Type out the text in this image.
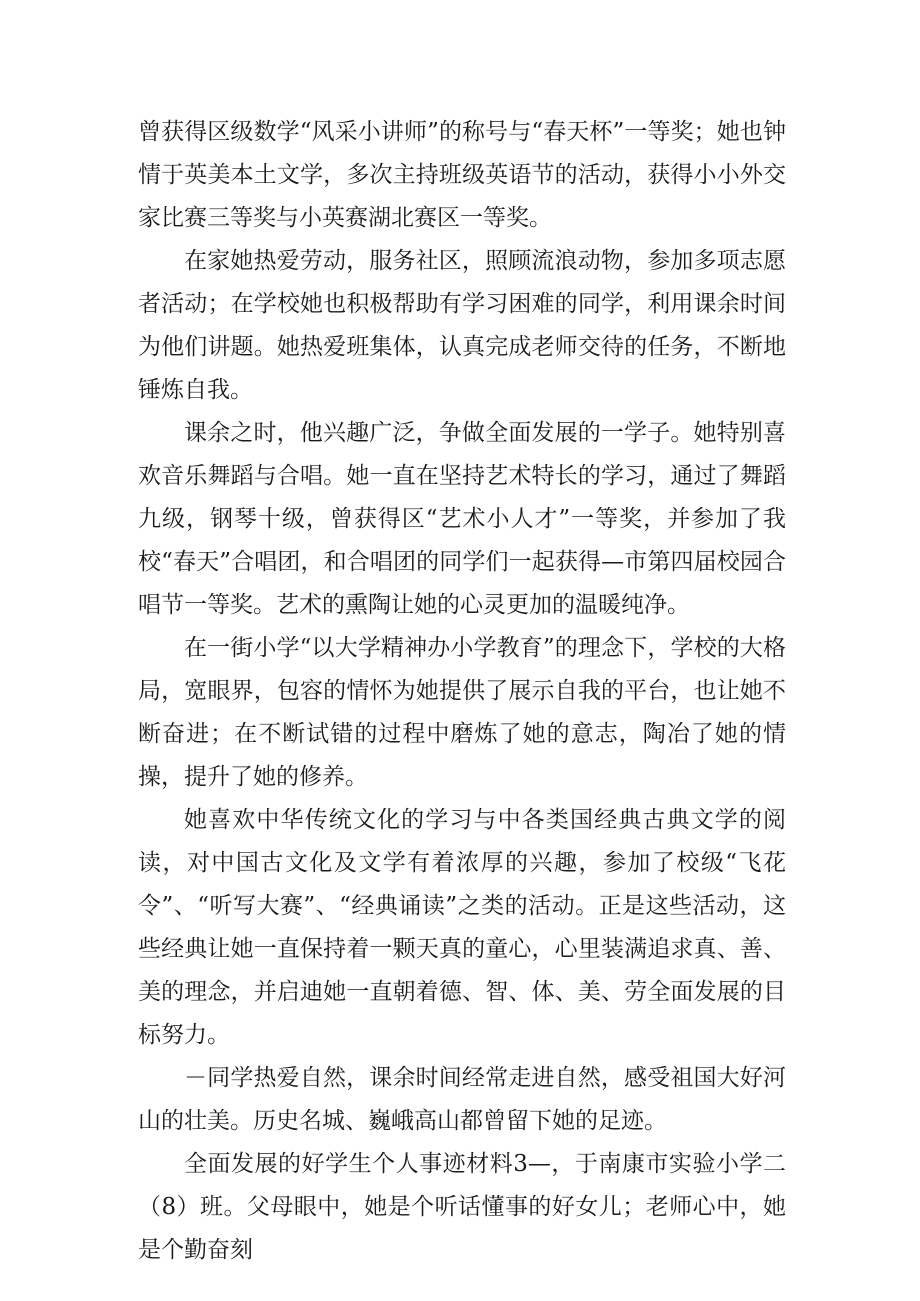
曾获得区级数学“风采小讲师”的称号与“春天杯”一等奖；她也钟情于英美本土文学，多次主持班级英语节的活动，获得小小外交家比赛三等奖与小英赛湖北赛区一等奖。

在家她热爱劳动，服务社区，照顾流浪动物，参加多项志愿者活动；在学校她也积极帮助有学习困难的同学，利用课余时间为他们讲题。她热爱班集体，认真完成老师交待的任务，不断地锤炼自我。

课余之时，他兴趣广泛，争做全面发展的一学子。她特别喜欢音乐舞蹈与合唱。她一直在坚持艺术特长的学习，通过了舞蹈九级，钢琴十级，曾获得区“艺术小人才”一等奖，并参加了我校“春天”合唱团，和合唱团的同学们一起获得—市第四届校园合唱节一等奖。艺术的熏陶让她的心灵更加的温暖纯净。

在一街小学“以大学精神办小学教育”的理念下，学校的大格局，宽眼界，包容的情怀为她提供了展示自我的平台，也让她不断奋进；在不断试错的过程中磨炼了她的意志，陶冶了她的情操，提升了她的修养。

她喜欢中华传统文化的学习与中各类国经典古典文学的阅读，对中国古文化及文学有着浓厚的兴趣，参加了校级“飞花令”、“听写大赛”、“经典诵读”之类的活动。正是这些活动，这些经典让她一直保持着一颗天真的童心，心里装满追求真、善、美的理念，并启迪她一直朝着德、智、体、美、劳全面发展的目标努力。

－同学热爱自然，课余时间经常走进自然，感受祖国大好河山的壮美。历史名城、巍峨高山都曾留下她的足迹。

全面发展的好学生个人事迹材料3—，于南康市实验小学二（8）班。父母眼中，她是个听话懂事的好女儿；老师心中，她是个勤奋刻
